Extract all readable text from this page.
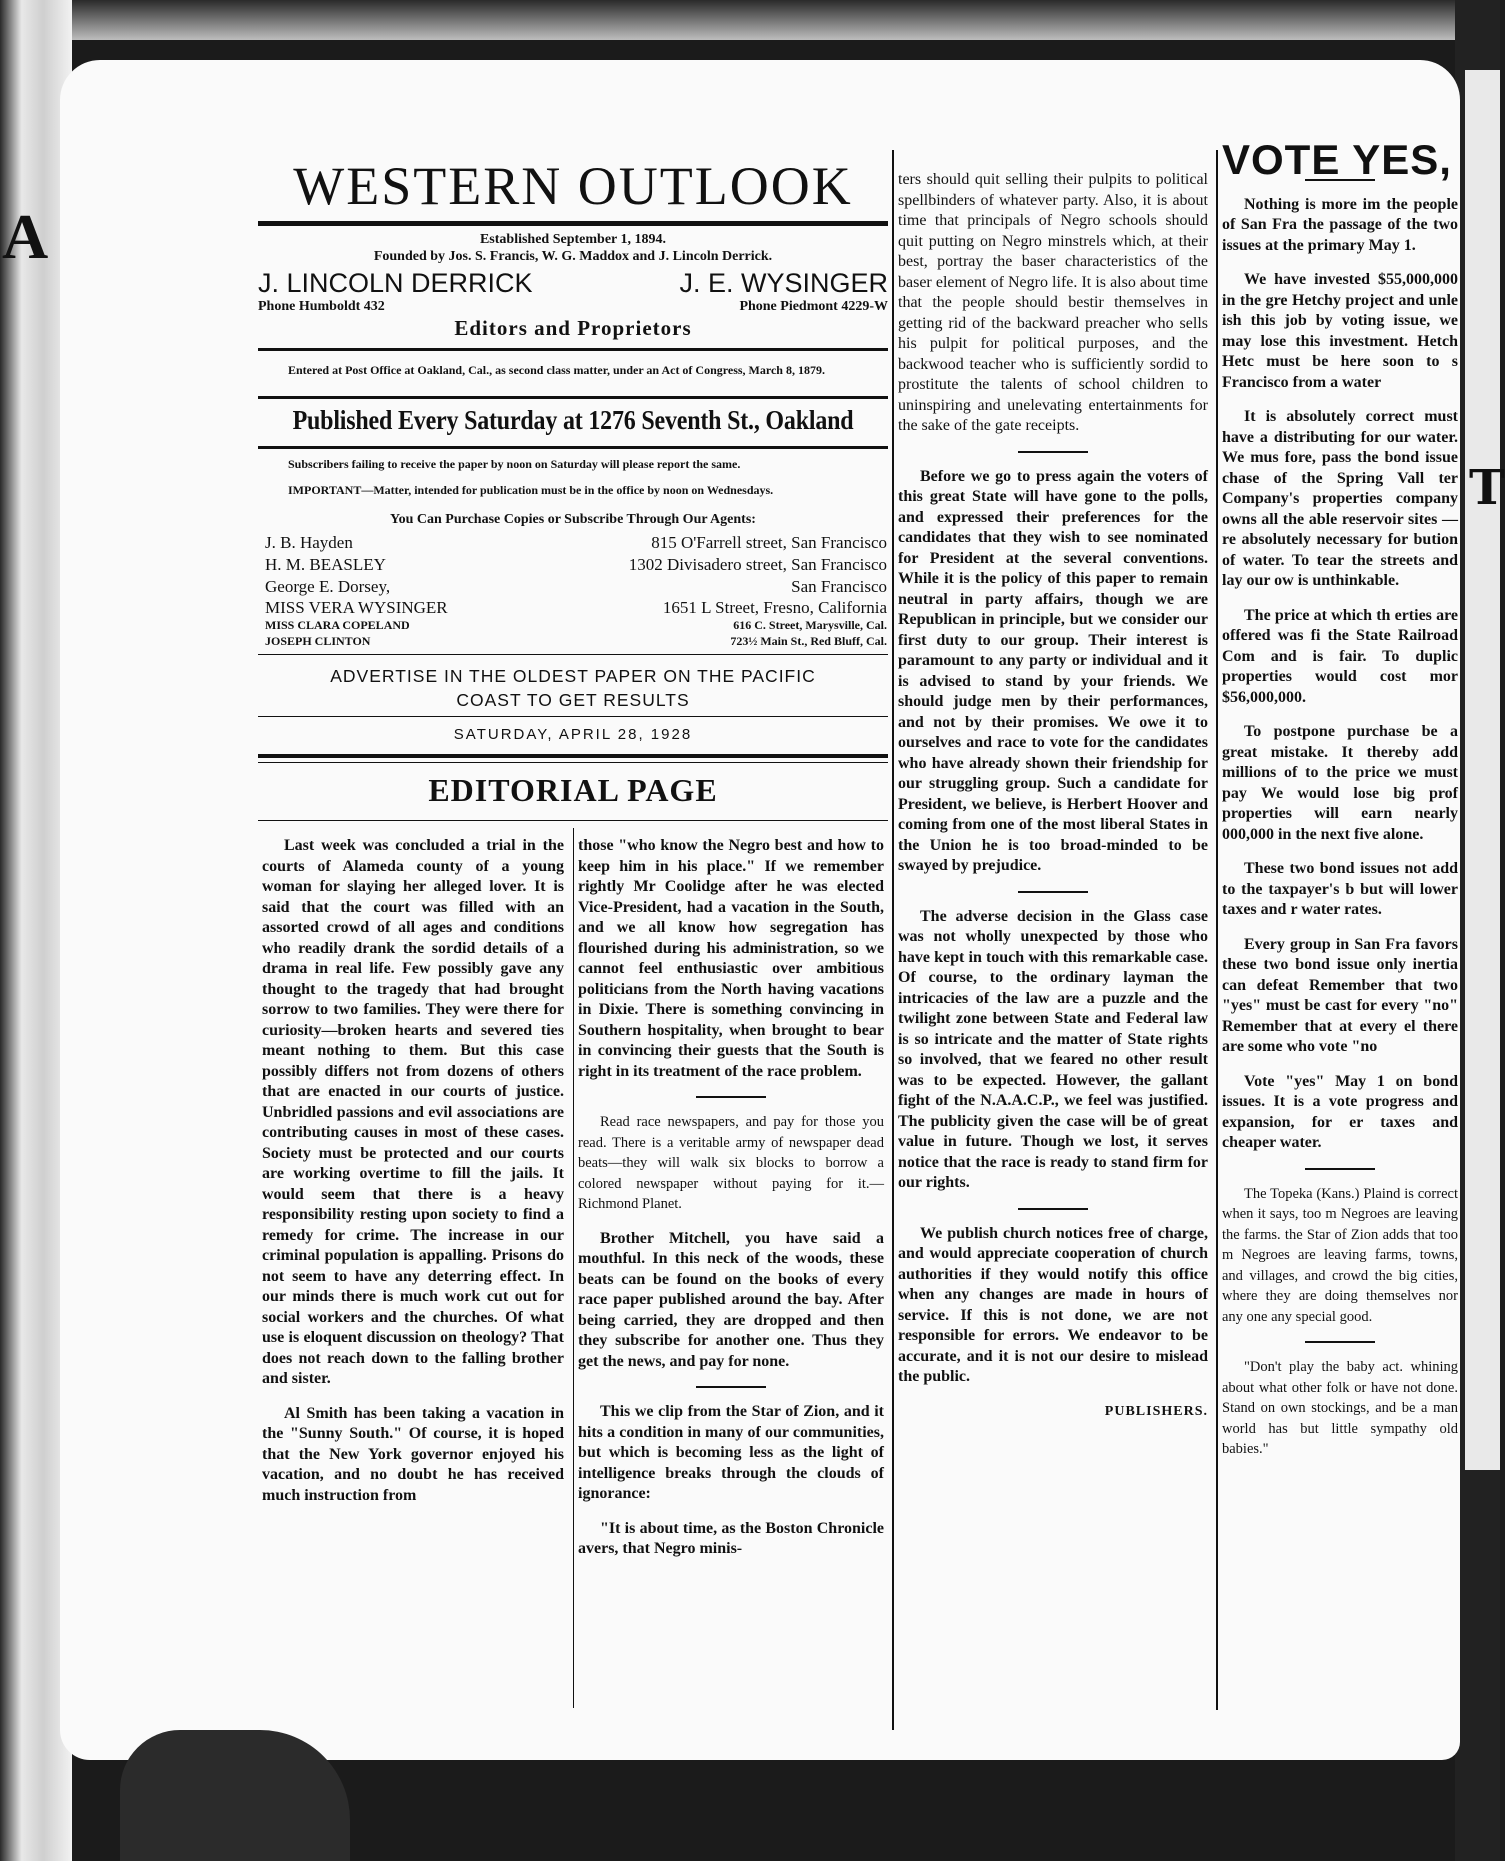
A
T
WESTERN OUTLOOK
Established September 1, 1894.
Founded by Jos. S. Francis, W. G. Maddox and J. Lincoln Derrick.
J. LINCOLN DERRICK
Phone Humboldt 432
J. E. WYSINGER
Phone Piedmont 4229-W
Editors and Proprietors
Entered at Post Office at Oakland, Cal., as second class matter, under an Act of Congress, March 8, 1879.
Published Every Saturday at 1276 Seventh St., Oakland
Subscribers failing to receive the paper by noon on Saturday will please report the same.
IMPORTANT—Matter, intended for publication must be in the office by noon on Wednesdays.
You Can Purchase Copies or Subscribe Through Our Agents:
J. B. Hayden	815 O'Farrell street, San Francisco
H. M. BEASLEY	1302 Divisadero street, San Francisco
George E. Dorsey,	San Francisco
MISS VERA WYSINGER	1651 L Street, Fresno, California
MISS CLARA COPELAND	616 C. Street, Marysville, Cal.
JOSEPH CLINTON	723½ Main St., Red Bluff, Cal.
ADVERTISE IN THE OLDEST PAPER ON THE PACIFIC COAST TO GET RESULTS
SATURDAY, APRIL 28, 1928
EDITORIAL PAGE

Last week was concluded a trial in the courts of Alameda county of a young woman for slaying her alleged lover. It is said that the court was filled with an assorted crowd of all ages and conditions who readily drank the sordid details of a drama in real life. Few possibly gave any thought to the tragedy that had brought sorrow to two families. They were there for curiosity—broken hearts and severed ties meant nothing to them. But this case possibly differs not from dozens of others that are enacted in our courts of justice. Unbridled passions and evil associations are contributing causes in most of these cases. Society must be protected and our courts are working overtime to fill the jails. It would seem that there is a heavy responsibility resting upon society to find a remedy for crime. The increase in our criminal population is appalling. Prisons do not seem to have any deterring effect. In our minds there is much work cut out for social workers and the churches. Of what use is eloquent discussion on theology? That does not reach down to the falling brother and sister.

Al Smith has been taking a vacation in the "Sunny South." Of course, it is hoped that the New York governor enjoyed his vacation, and no doubt he has received much instruction from

those "who know the Negro best and how to keep him in his place." If we remember rightly Mr Coolidge after he was elected Vice-President, had a vacation in the South, and we all know how segregation has flourished during his administration, so we cannot feel enthusiastic over ambitious politicians from the North having vacations in Dixie. There is something convincing in Southern hospitality, when brought to bear in convincing their guests that the South is right in its treatment of the race problem.

Read race newspapers, and pay for those you read. There is a veritable army of newspaper dead beats—they will walk six blocks to borrow a colored newspaper without paying for it.—Richmond Planet.

Brother Mitchell, you have said a mouthful. In this neck of the woods, these beats can be found on the books of every race paper published around the bay. After being carried, they are dropped and then they subscribe for another one. Thus they get the news, and pay for none.

This we clip from the Star of Zion, and it hits a condition in many of our communities, but which is becoming less as the light of intelligence breaks through the clouds of ignorance:

"It is about time, as the Boston Chronicle avers, that Negro minis-

ters should quit selling their pulpits to political spellbinders of whatever party. Also, it is about time that principals of Negro schools should quit putting on Negro minstrels which, at their best, portray the baser characteristics of the baser element of Negro life. It is also about time that the people should bestir themselves in getting rid of the backward preacher who sells his pulpit for political purposes, and the backwood teacher who is sufficiently sordid to prostitute the talents of school children to uninspiring and unelevating entertainments for the sake of the gate receipts.

Before we go to press again the voters of this great State will have gone to the polls, and expressed their preferences for the candidates that they wish to see nominated for President at the several conventions. While it is the policy of this paper to remain neutral in party affairs, though we are Republican in principle, but we consider our first duty to our group. Their interest is paramount to any party or individual and it is advised to stand by your friends. We should judge men by their performances, and not by their promises. We owe it to ourselves and race to vote for the candidates who have already shown their friendship for our struggling group. Such a candidate for President, we believe, is Herbert Hoover and coming from one of the most liberal States in the Union he is too broad-minded to be swayed by prejudice.

The adverse decision in the Glass case was not wholly unexpected by those who have kept in touch with this remarkable case. Of course, to the ordinary layman the intricacies of the law are a puzzle and the twilight zone between State and Federal law is so intricate and the matter of State rights so involved, that we feared no other result was to be expected. However, the gallant fight of the N.A.A.C.P., we feel was justified. The publicity given the case will be of great value in future. Though we lost, it serves notice that the race is ready to stand firm for our rights.

We publish church notices free of charge, and would appreciate cooperation of church authorities if they would notify this office when any changes are made in hours of service. If this is not done, we are not responsible for errors. We endeavor to be accurate, and it is not our desire to mislead the public.

PUBLISHERS.
VOTE YES,

Nothing is more im the people of San Fra the passage of the two issues at the primary May 1.

We have invested $55,000,000 in the gre Hetchy project and unle ish this job by voting issue, we may lose this investment. Hetch Hetc must be here soon to s Francisco from a water

It is absolutely correct must have a distributing for our water. We mus fore, pass the bond issue chase of the Spring Vall ter Company's properties company owns all the able reservoir sites — re absolutely necessary for bution of water. To tear the streets and lay our ow is unthinkable.

The price at which th erties are offered was fi the State Railroad Com and is fair. To duplic properties would cost mor $56,000,000.

To postpone purchase be a great mistake. It thereby add millions of to the price we must pay We would lose big prof properties will earn nearly 000,000 in the next five alone.

These two bond issues not add to the taxpayer's b but will lower taxes and r water rates.

Every group in San Fra favors these two bond issue only inertia can defeat Remember that two "yes" must be cast for every "no" Remember that at every el there are some who vote "no

Vote "yes" May 1 on bond issues. It is a vote progress and expansion, for er taxes and cheaper water.

The Topeka (Kans.) Plaind is correct when it says, too m Negroes are leaving the farms. the Star of Zion adds that too m Negroes are leaving farms, towns, and villages, and crowd the big cities, where they are doing themselves nor any one any special good.

"Don't play the baby act. whining about what other folk or have not done. Stand on own stockings, and be a man world has but little sympathy old babies."
